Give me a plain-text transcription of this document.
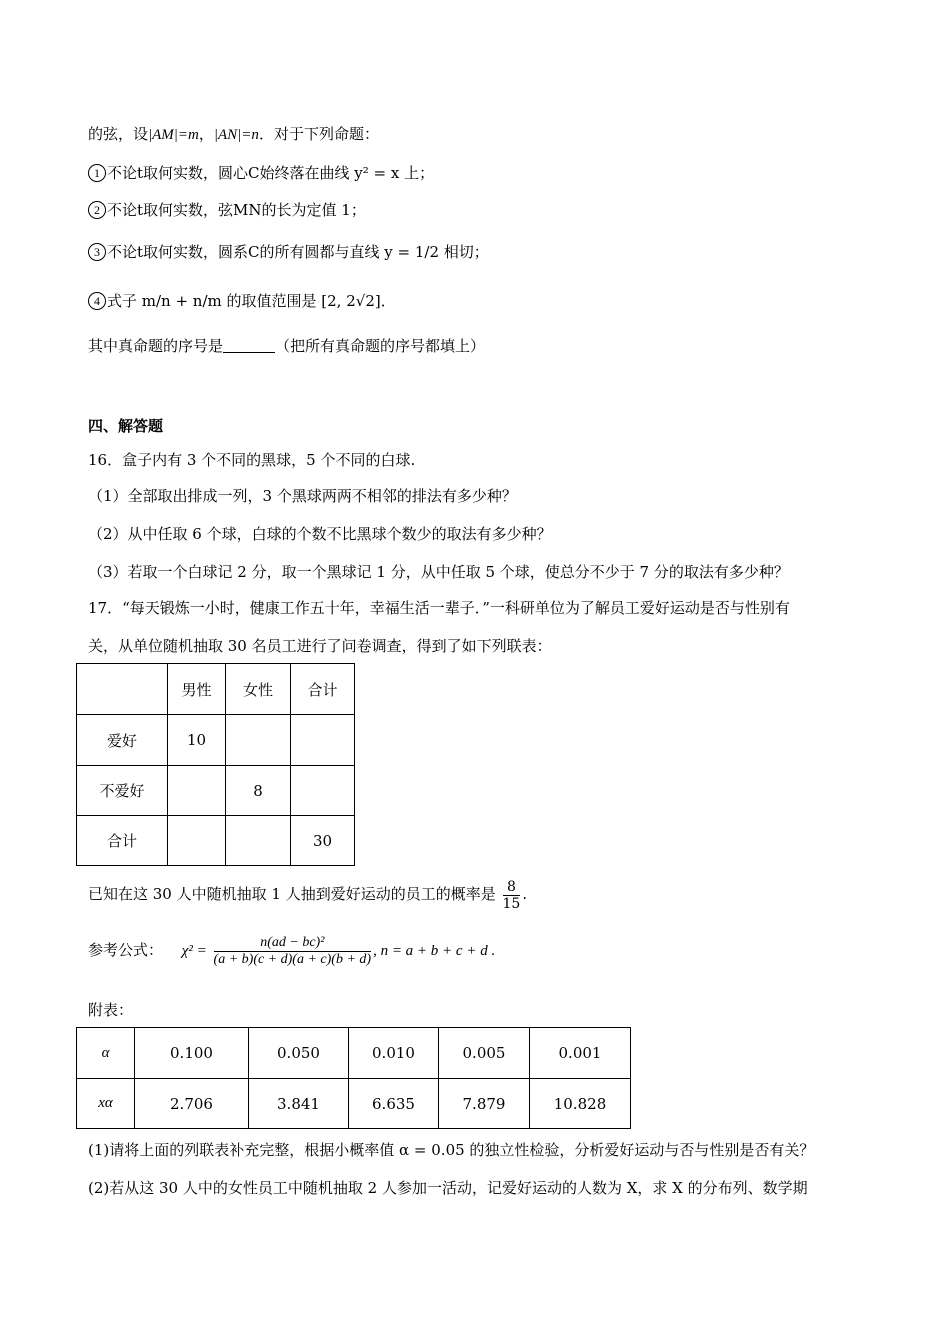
的弦，设|AM|=m，|AN|=n．对于下列命题：
1 不论t取何实数，圆心C始终落在曲线 y² = x 上；
2 不论t取何实数，弦MN的长为定值 1；
3 不论t取何实数，圆系C的所有圆都与直线 y = 1/2 相切；
4 式子 m/n + n/m 的取值范围是 [2, 2√2]．
其中真命题的序号是	（把所有真命题的序号都填上）
四、解答题
16．盒子内有 3 个不同的黑球，5 个不同的白球.
（1）全部取出排成一列，3 个黑球两两不相邻的排法有多少种？
（2）从中任取 6 个球，白球的个数不比黑球个数少的取法有多少种？
（3）若取一个白球记 2 分，取一个黑球记 1 分，从中任取 5 个球，使总分不少于 7 分的取法有多少种？
17．“每天锻炼一小时，健康工作五十年，幸福生活一辈子．”一科研单位为了解员工爱好运动是否与性别有
关，从单位随机抽取 30 名员工进行了问卷调查，得到了如下列联表：
	男性	女性	合计
爱好	10		
不爱好		8	
合计			30
已知在这 30 人中随机抽取 1 人抽到爱好运动的员工的概率是 $\frac{8}{15}$ .
参考公式： $\chi^2 = \frac{\text{n(ad − bc)²}}{(a + b)(c + d)(a + c)(b + d)}$ , n = a + b + c + d .
附表：
α	0.100	0.050	0.010	0.005	0.001
xα	2.706	3.841	6.635	7.879	10.828
(1)请将上面的列联表补充完整，根据小概率值 α = 0.05 的独立性检验，分析爱好运动与否与性别是否有关？
(2)若从这 30 人中的女性员工中随机抽取 2 人参加一活动，记爱好运动的人数为 X，求 X 的分布列、数学期
